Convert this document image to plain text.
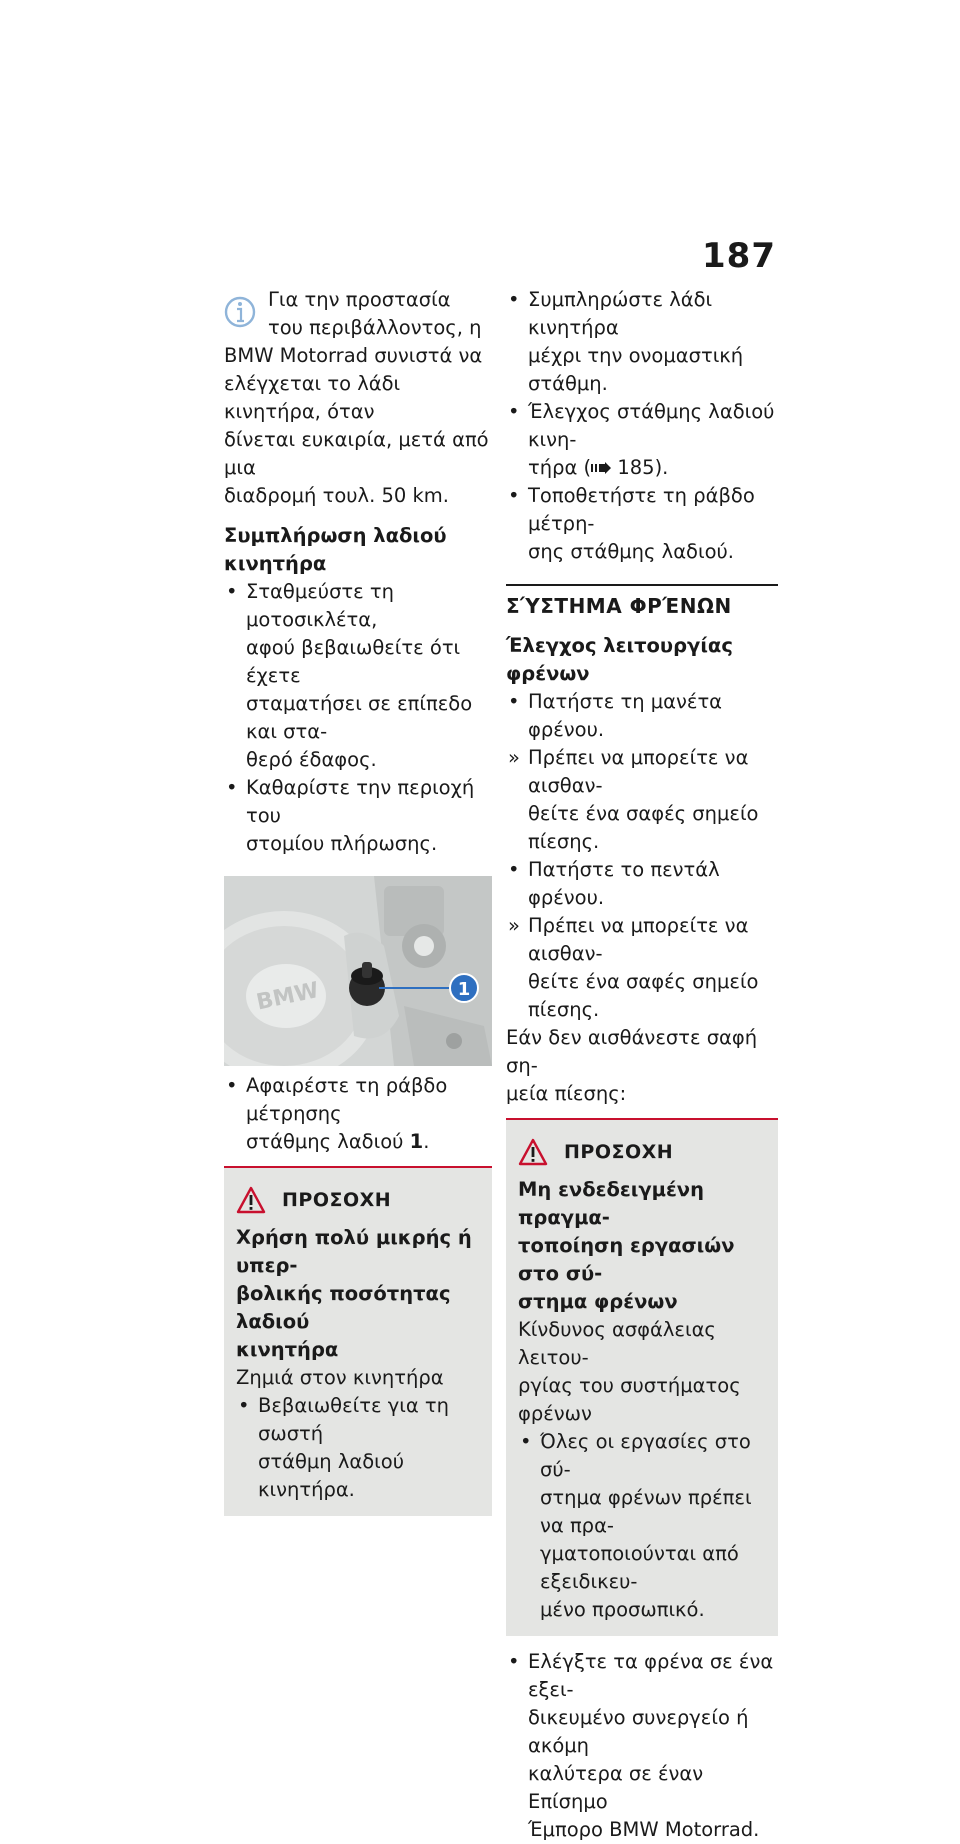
187
Για την προστασία
του περιβάλλοντος, η
BMW Motorrad συνιστά να
ελέγχεται το λάδι κινητήρα, όταν
δίνεται ευκαιρία, μετά από μια
διαδρομή τουλ. 50 km.
Συμπλήρωση λαδιού
κινητήρα
• Σταθμεύστε τη μοτοσικλέτα,
αφού βεβαιωθείτε ότι έχετε
σταματήσει σε επίπεδο και στα-
θερό έδαφος.
• Καθαρίστε την περιοχή του
στομίου πλήρωσης.
BMW	1
• Αφαιρέστε τη ράβδο μέτρησης
στάθμης λαδιού 1.
ΠΡΟΣΟΧΗ
Χρήση πολύ μικρής ή υπερ-
βολικής ποσότητας λαδιού
κινητήρα

Ζημιά στον κινητήρα

• Βεβαιωθείτε για τη σωστή
στάθμη λαδιού κινητήρα.
• Συμπληρώστε λάδι κινητήρα
μέχρι την ονομαστική στάθμη.
• Έλεγχος στάθμης λαδιού κινη-
τήρα ( 185).
• Τοποθετήστε τη ράβδο μέτρη-
σης στάθμης λαδιού.
ΣΎΣΤΗΜΑ ΦΡΈΝΩΝ
Έλεγχος λειτουργίας
φρένων
• Πατήστε τη μανέτα φρένου.
» Πρέπει να μπορείτε να αισθαν-
θείτε ένα σαφές σημείο πίεσης.
• Πατήστε το πεντάλ φρένου.
» Πρέπει να μπορείτε να αισθαν-
θείτε ένα σαφές σημείο πίεσης.

Εάν δεν αισθάνεστε σαφή ση-
μεία πίεσης:

ΠΡΟΣΟΧΗ
Μη ενδεδειγμένη πραγμα-
τοποίηση εργασιών στο σύ-
στημα φρένων

Κίνδυνος ασφάλειας λειτου-
ργίας του συστήματος φρένων

• Όλες οι εργασίες στο σύ-
στημα φρένων πρέπει να πρα-
γματοποιούνται από εξειδικευ-
μένο προσωπικό.
• Ελέγξτε τα φρένα σε ένα εξει-
δικευμένο συνεργείο ή ακόμη
καλύτερα σε έναν Επίσημο
Έμπορο BMW Motorrad.
